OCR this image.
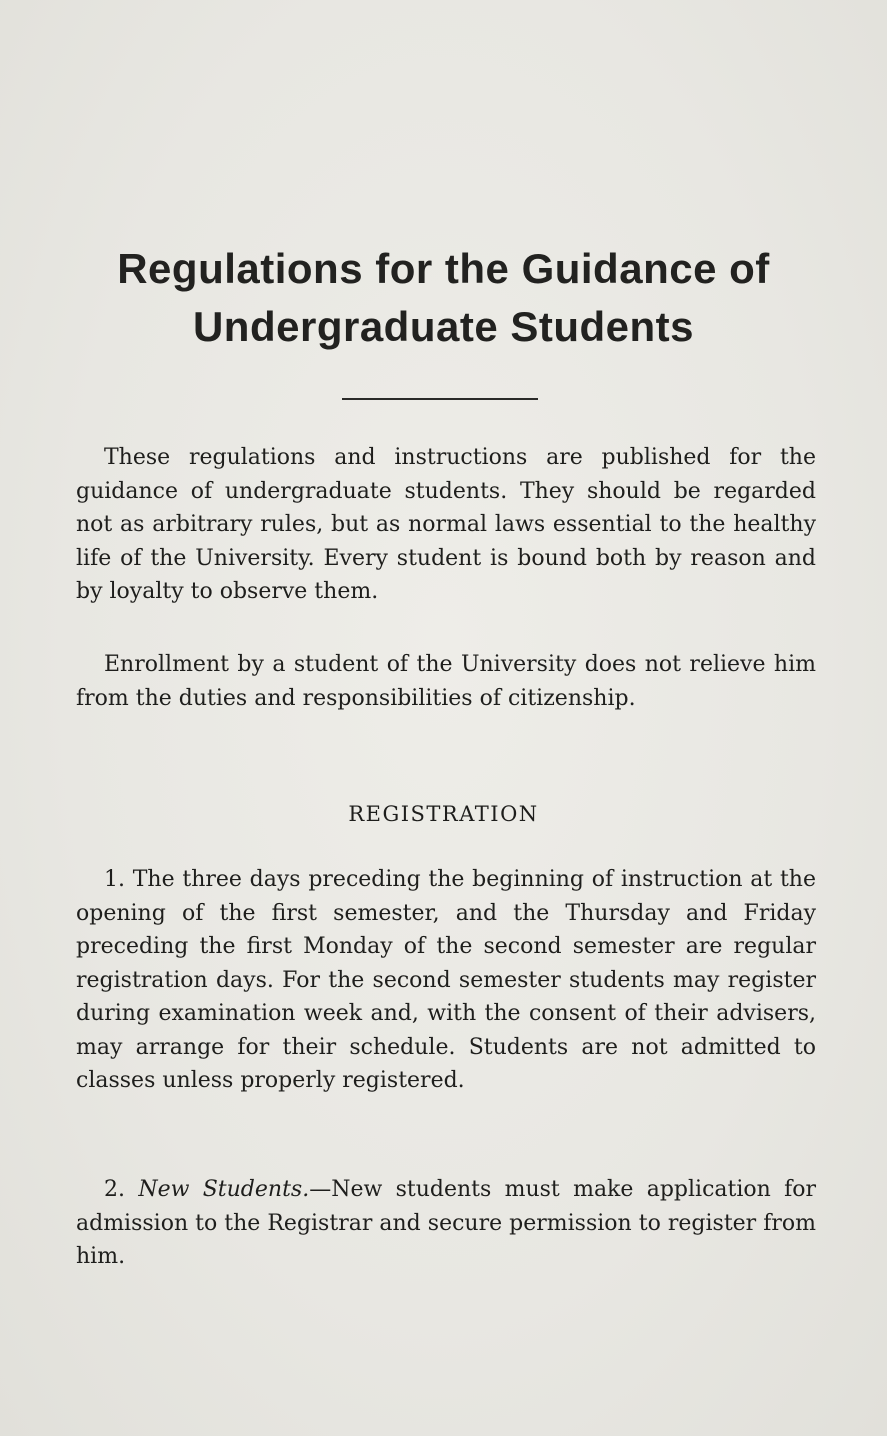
Regulations for the Guidance of
Undergraduate Students

These regulations and instructions are published for the guidance of undergraduate students. They should be regarded not as arbitrary rules, but as normal laws essential to the healthy life of the University. Every student is bound both by reason and by loyalty to observe them.

Enrollment by a student of the University does not relieve him from the duties and responsibilities of citizenship.

REGISTRATION

1. The three days preceding the beginning of instruction at the opening of the first semester, and the Thursday and Friday preceding the first Monday of the second semester are regular registration days. For the second semester students may register during examination week and, with the consent of their advisers, may arrange for their schedule. Students are not admitted to classes unless properly registered.

2. New Students.—New students must make application for admission to the Registrar and secure permission to register from him.
